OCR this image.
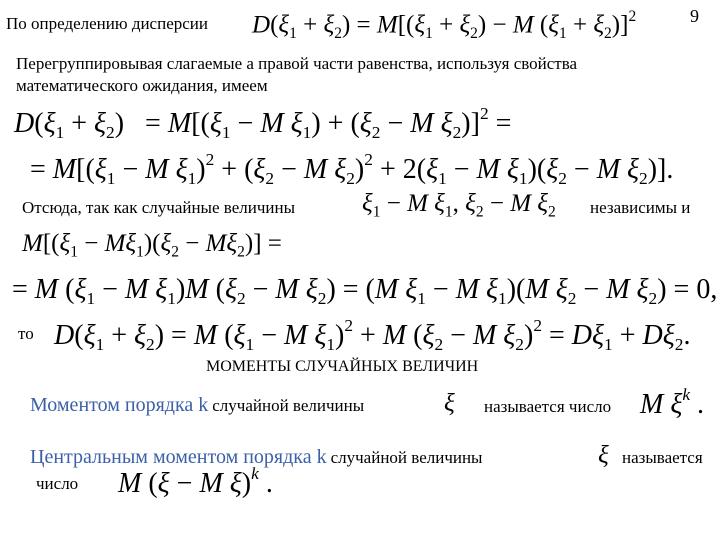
9
По определению дисперсии $D(\xi_1 + \xi_2) = M[(\xi_1 + \xi_2) - M$ $(\xi_1 + \xi_2)]^2$
Перегруппировывая слагаемые а правой части равенства, используя свойства
математического ожидания, имеем
$D(\xi_1 + \xi_2) = M[(\xi_1 - M$ $\xi_1) + (\xi_2 - M$ $\xi_2)]^2$ =
= $M[(\xi_1 - M$ $\xi_1)^2 + (\xi_2 - M$ $\xi_2)^2 + 2(\xi_1 - M$ $\xi_1)(\xi_2 - M$ $\xi_2$)].
Отсюда, так как случайные величины	$\xi_1 - M$ $\xi_1$, $\xi_2 - M$ $\xi_2$ независимы и
$M[(\xi_1 - M\xi_1)(\xi_2 - M\xi_2)]$ =
= M ($\xi_1 - M$ $\xi_1)M$ ($\xi_2 - M$ $\xi_2) = (M$ $\xi_1 - M$ $\xi_1)(M$ $\xi_2 - M$ $\xi_2) = 0$,
то $D(\xi_1 + \xi_2) = M$ ($\xi_1 - M$ $\xi_1)^2 + M$ ($\xi_2 - M$ $\xi_2)^2 = D\xi_1 + D\xi_2$.
МОМЕНТЫ СЛУЧАЙНЫХ ВЕЛИЧИН
Моментом порядка k случайной величины	ξ называется число M $\xi^k$ .
Центральным моментом порядка k случайной величины	ξ называется
число M (ξ − M ξ)$^k$ .
